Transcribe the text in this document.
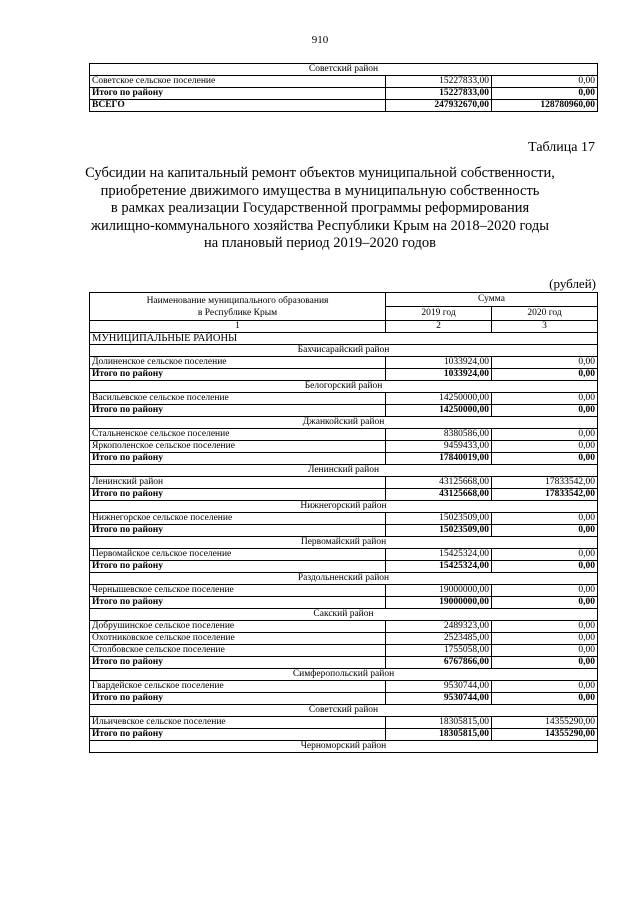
910
Советский район		
Советское сельское поселение	15227833,00	0,00
Итого по району	15227833,00	0,00
ВСЕГО	247932670,00	128780960,00
Таблица 17
Субсидии на капитальный ремонт объектов муниципальной собственности,
приобретение движимого имущества в муниципальную собственность
в рамках реализации Государственной программы реформирования
жилищно-коммунального хозяйства Республики Крым на 2018–2020 годы
на плановый период 2019–2020 годов
(рублей)
Наименование муниципального образования
в Республике Крым	Сумма	
	2019 год	2020 год
1	2	3
МУНИЦИПАЛЬНЫЕ РАЙОНЫ		
Бахчисарайский район		
Долиненское сельское поселение	1033924,00	0,00
Итого по району	1033924,00	0,00
Белогорский район		
Васильевское сельское поселение	14250000,00	0,00
Итого по району	14250000,00	0,00
Джанкойский район		
Стальненское сельское поселение	8380586,00	0,00
Яркополенское сельское поселение	9459433,00	0,00
Итого по району	17840019,00	0,00
Ленинский район		
Ленинский район	43125668,00	17833542,00
Итого по району	43125668,00	17833542,00
Нижнегорский район		
Нижнегорское сельское поселение	15023509,00	0,00
Итого по району	15023509,00	0,00
Первомайский район		
Первомайское сельское поселение	15425324,00	0,00
Итого по району	15425324,00	0,00
Раздольненский район		
Чернышевское сельское поселение	19000000,00	0,00
Итого по району	19000000,00	0,00
Сакский район		
Добрушинское сельское поселение	2489323,00	0,00
Охотниковское сельское поселение	2523485,00	0,00
Столбовское сельское поселение	1755058,00	0,00
Итого по району	6767866,00	0,00
Симферопольский район		
Гвардейское сельское поселение	9530744,00	0,00
Итого по району	9530744,00	0,00
Советский район		
Ильичевское сельское поселение	18305815,00	14355290,00
Итого по району	18305815,00	14355290,00
Черноморский район		
